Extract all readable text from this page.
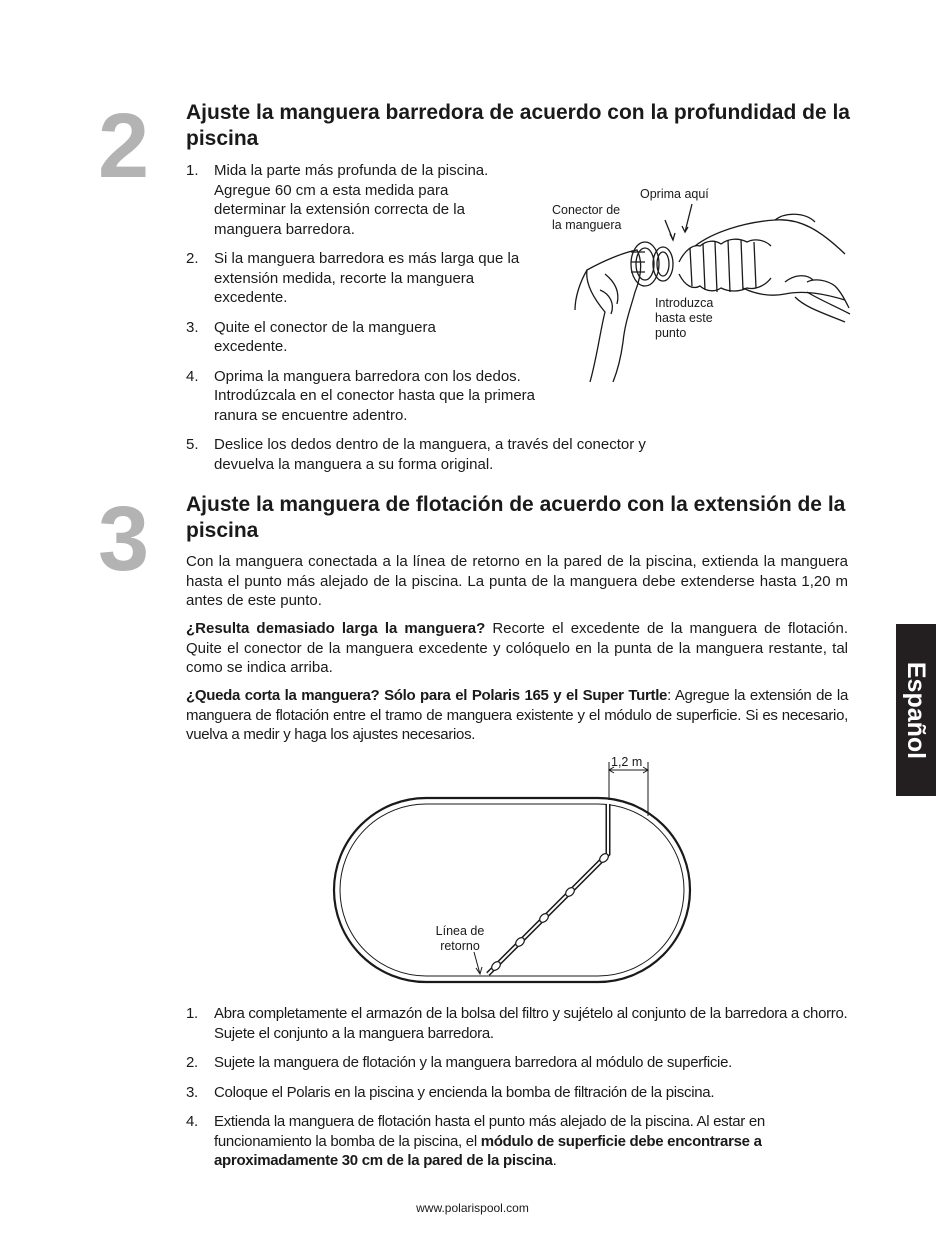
2 Ajuste la manguera barredora de acuerdo con la profundidad de la piscina
1. Mida la parte más profunda de la piscina. Agregue 60 cm a esta medida para determinar la extensión correcta de la manguera barredora.
2. Si la manguera barredora es más larga que la extensión medida, recorte la manguera excedente.
3. Quite el conector de la manguera excedente.
4. Oprima la manguera barredora con los dedos. Introdúzcala en el conector hasta que la primera ranura se encuentre adentro.
5. Deslice los dedos dentro de la manguera, a través del conector y devuelva la manguera a su forma original.
Oprima aquí
Conector de la manguera
Introduzca hasta este punto
3 Ajuste la manguera de flotación de acuerdo con la extensión de la piscina

Con la manguera conectada a la línea de retorno en la pared de la piscina, extienda la manguera hasta el punto más alejado de la piscina. La punta de la manguera debe extenderse hasta 1,20 m antes de este punto.

¿Resulta demasiado larga la manguera? Recorte el excedente de la manguera de flotación. Quite el conector de la manguera excedente y colóquelo en la punta de la manguera restante, tal como se indica arriba.

¿Queda corta la manguera? Sólo para el Polaris 165 y el Super Turtle: Agregue la extensión de la manguera de flotación entre el tramo de manguera existente y el módulo de superficie. Si es necesario, vuelva a medir y haga los ajustes necesarios.

1,2 m
Línea de retorno
1. Abra completamente el armazón de la bolsa del filtro y sujételo al conjunto de la barredora a chorro. Sujete el conjunto a la manguera barredora.
2. Sujete la manguera de flotación y la manguera barredora al módulo de superficie.
3. Coloque el Polaris en la piscina y encienda la bomba de filtración de la piscina.
4. Extienda la manguera de flotación hasta el punto más alejado de la piscina. Al estar en funcionamiento la bomba de la piscina, el módulo de superficie debe encontrarse a aproximadamente 30 cm de la pared de la piscina.
Español
www.polarispool.com
